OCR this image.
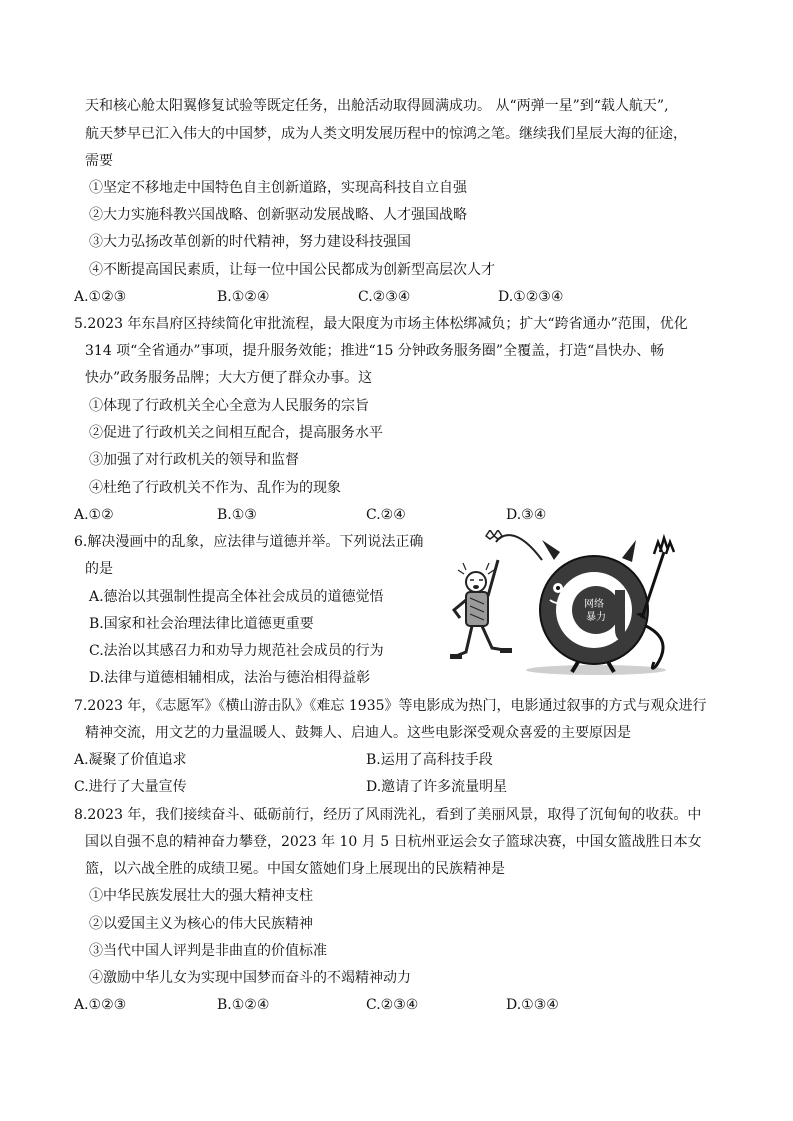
天和核心舱太阳翼修复试验等既定任务，出舱活动取得圆满成功。 从“两弹一星”到“载人航天”,
航天梦早已汇入伟大的中国梦，成为人类文明发展历程中的惊鸿之笔。继续我们星辰大海的征途，
需要
①坚定不移地走中国特色自主创新道路，实现高科技自立自强
②大力实施科教兴国战略、创新驱动发展战略、人才强国战略
③大力弘扬改革创新的时代精神，努力建设科技强国
④不断提高国民素质，让每一位中国公民都成为创新型高层次人才
A.①②③	B.①②④	C.②③④	D.①②③④
5.2023 年东昌府区持续简化审批流程，最大限度为市场主体松绑减负；扩大“跨省通办”范围，优化
314 项“全省通办”事项，提升服务效能；推进“15 分钟政务服务圈”全覆盖，打造“昌快办、畅
快办”政务服务品牌；大大方便了群众办事。这
①体现了行政机关全心全意为人民服务的宗旨
②促进了行政机关之间相互配合，提高服务水平
③加强了对行政机关的领导和监督
④杜绝了行政机关不作为、乱作为的现象
A.①②	B.①③	C.②④	D.③④
6.解决漫画中的乱象，应法律与道德并举。下列说法正确
的是
A.德治以其强制性提高全体社会成员的道德觉悟
B.国家和社会治理法律比道德更重要
C.法治以其感召力和劝导力规范社会成员的行为
D.法律与道德相辅相成，法治与德治相得益彰
网络
暴力
7.2023 年，《志愿军》《横山游击队》《难忘 1935》等电影成为热门，电影通过叙事的方式与观众进行
精神交流，用文艺的力量温暖人、鼓舞人、启迪人。这些电影深受观众喜爱的主要原因是
A.凝聚了价值追求	B.运用了高科技手段
C.进行了大量宣传	D.邀请了许多流量明星
8.2023 年，我们接续奋斗、砥砺前行，经历了风雨洗礼，看到了美丽风景，取得了沉甸甸的收获。中
国以自强不息的精神奋力攀登，2023 年 10 月 5 日杭州亚运会女子篮球决赛，中国女篮战胜日本女
篮，以六战全胜的成绩卫冕。中国女篮她们身上展现出的民族精神是
①中华民族发展壮大的强大精神支柱
②以爱国主义为核心的伟大民族精神
③当代中国人评判是非曲直的价值标准
④激励中华儿女为实现中国梦而奋斗的不竭精神动力
A.①②③	B.①②④	C.②③④	D.①③④
